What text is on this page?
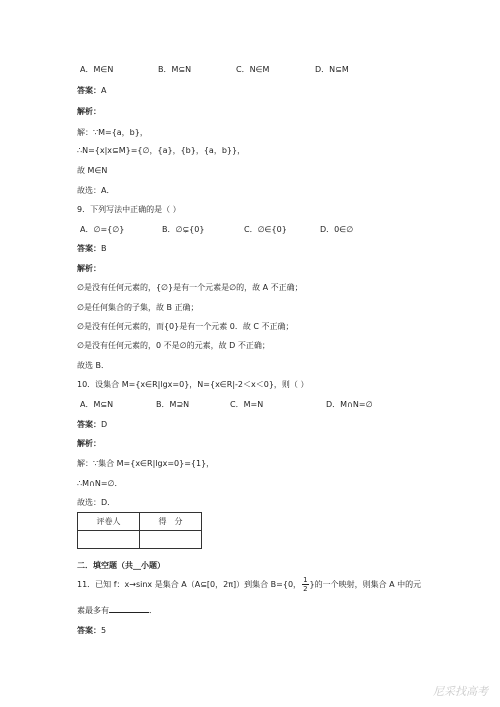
A．M∈N	B．M⊆N	C．N∈M	D．N⊆M
答案：A
解析：
解：∵M={a，b}，
∴N={x|x⊆M}={∅，{a}，{b}，{a，b}}，
故 M∈N
故选：A．
9．下列写法中正确的是（ ）
A．∅={∅}	B．∅⊊{0}	C．∅∈{0}	D．0∈∅
答案：B
解析：
∅是没有任何元素的，{∅}是有一个元素是∅的，故 A 不正确；
∅是任何集合的子集，故 B 正确；
∅是没有任何元素的，而{0}是有一个元素 0．故 C 不正确；
∅是没有任何元素的，0 不是∅的元素，故 D 不正确；
故选 B．
10．设集合 M={x∈R|lgx=0}，N={x∈R|-2＜x＜0}，则（ ）
A．M⊆N	B．M⊇N	C．M=N	D．M∩N=∅
答案：D
解析：
解：∵集合 M={x∈R|lgx=0}={1}，
∴M∩N=∅．
故选：D．
评卷人	得　分

二．填空题（共__小题）
11．已知 f：x→sinx 是集合 A（A⊆[0，2π]）到集合 B={0， $\frac{1}{2}$ }的一个映射，则集合 A 中的元
素最多有	．
答案：5
尼采找高考
